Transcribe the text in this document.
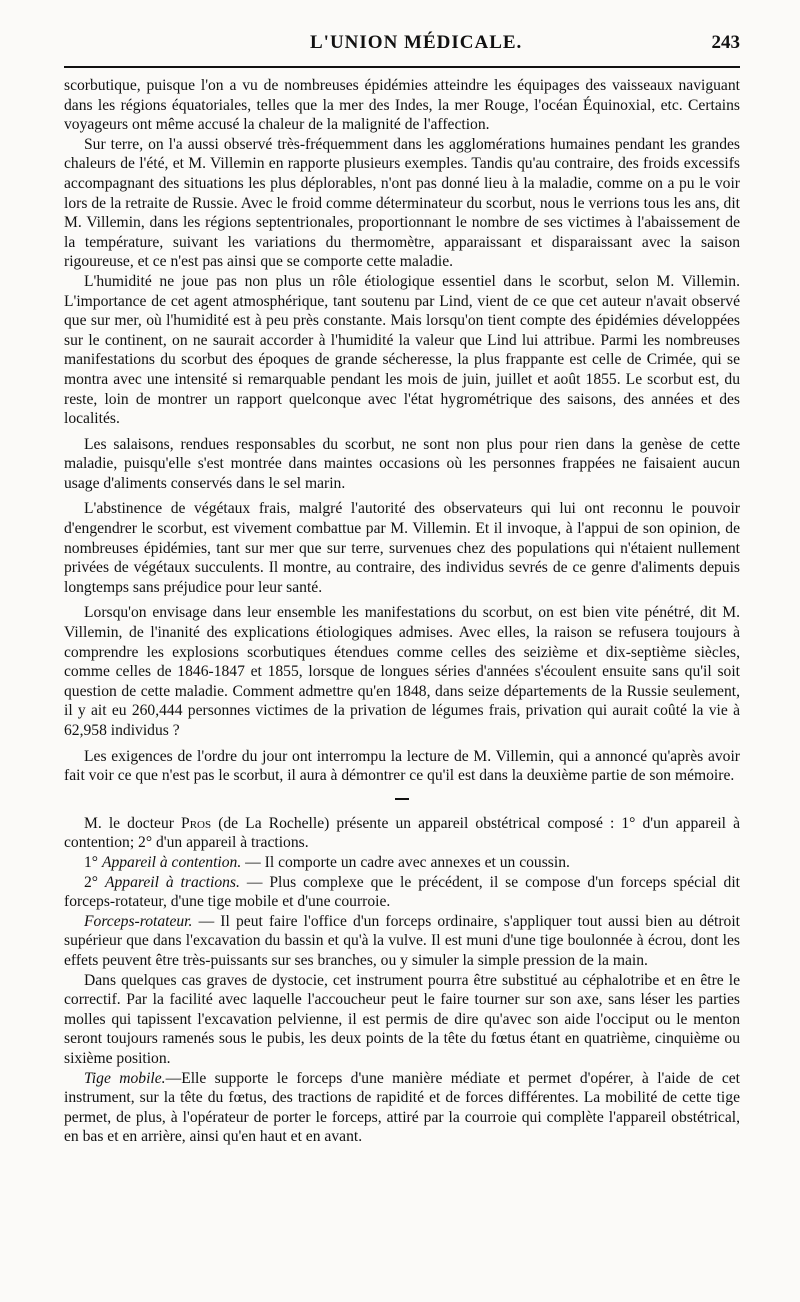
L'UNION MÉDICALE.	243

scorbutique, puisque l'on a vu de nombreuses épidémies atteindre les équipages des vaisseaux naviguant dans les régions équatoriales, telles que la mer des Indes, la mer Rouge, l'océan Équinoxial, etc. Certains voyageurs ont même accusé la chaleur de la malignité de l'affection.

Sur terre, on l'a aussi observé très-fréquemment dans les agglomérations humaines pendant les grandes chaleurs de l'été, et M. Villemin en rapporte plusieurs exemples. Tandis qu'au contraire, des froids excessifs accompagnant des situations les plus déplorables, n'ont pas donné lieu à la maladie, comme on a pu le voir lors de la retraite de Russie. Avec le froid comme déterminateur du scorbut, nous le verrions tous les ans, dit M. Villemin, dans les régions septentrionales, proportionnant le nombre de ses victimes à l'abaissement de la température, suivant les variations du thermomètre, apparaissant et disparaissant avec la saison rigoureuse, et ce n'est pas ainsi que se comporte cette maladie.

L'humidité ne joue pas non plus un rôle étiologique essentiel dans le scorbut, selon M. Villemin. L'importance de cet agent atmosphérique, tant soutenu par Lind, vient de ce que cet auteur n'avait observé que sur mer, où l'humidité est à peu près constante. Mais lorsqu'on tient compte des épidémies développées sur le continent, on ne saurait accorder à l'humidité la valeur que Lind lui attribue. Parmi les nombreuses manifestations du scorbut des époques de grande sécheresse, la plus frappante est celle de Crimée, qui se montra avec une intensité si remarquable pendant les mois de juin, juillet et août 1855. Le scorbut est, du reste, loin de montrer un rapport quelconque avec l'état hygrométrique des saisons, des années et des localités.

Les salaisons, rendues responsables du scorbut, ne sont non plus pour rien dans la genèse de cette maladie, puisqu'elle s'est montrée dans maintes occasions où les personnes frappées ne faisaient aucun usage d'aliments conservés dans le sel marin.

L'abstinence de végétaux frais, malgré l'autorité des observateurs qui lui ont reconnu le pouvoir d'engendrer le scorbut, est vivement combattue par M. Villemin. Et il invoque, à l'appui de son opinion, de nombreuses épidémies, tant sur mer que sur terre, survenues chez des populations qui n'étaient nullement privées de végétaux succulents. Il montre, au contraire, des individus sevrés de ce genre d'aliments depuis longtemps sans préjudice pour leur santé.

Lorsqu'on envisage dans leur ensemble les manifestations du scorbut, on est bien vite pénétré, dit M. Villemin, de l'inanité des explications étiologiques admises. Avec elles, la raison se refusera toujours à comprendre les explosions scorbutiques étendues comme celles des seizième et dix-septième siècles, comme celles de 1846-1847 et 1855, lorsque de longues séries d'années s'écoulent ensuite sans qu'il soit question de cette maladie. Comment admettre qu'en 1848, dans seize départements de la Russie seulement, il y ait eu 260,444 personnes victimes de la privation de légumes frais, privation qui aurait coûté la vie à 62,958 individus ?

Les exigences de l'ordre du jour ont interrompu la lecture de M. Villemin, qui a annoncé qu'après avoir fait voir ce que n'est pas le scorbut, il aura à démontrer ce qu'il est dans la deuxième partie de son mémoire.

M. le docteur Pros (de La Rochelle) présente un appareil obstétrical composé : 1° d'un appareil à contention; 2° d'un appareil à tractions.

1° Appareil à contention. — Il comporte un cadre avec annexes et un coussin.

2° Appareil à tractions. — Plus complexe que le précédent, il se compose d'un forceps spécial dit forceps-rotateur, d'une tige mobile et d'une courroie.

Forceps-rotateur. — Il peut faire l'office d'un forceps ordinaire, s'appliquer tout aussi bien au détroit supérieur que dans l'excavation du bassin et qu'à la vulve. Il est muni d'une tige boulonnée à écrou, dont les effets peuvent être très-puissants sur ses branches, ou y simuler la simple pression de la main.

Dans quelques cas graves de dystocie, cet instrument pourra être substitué au céphalotribe et en être le correctif. Par la facilité avec laquelle l'accoucheur peut le faire tourner sur son axe, sans léser les parties molles qui tapissent l'excavation pelvienne, il est permis de dire qu'avec son aide l'occiput ou le menton seront toujours ramenés sous le pubis, les deux points de la tête du fœtus étant en quatrième, cinquième ou sixième position.

Tige mobile.—Elle supporte le forceps d'une manière médiate et permet d'opérer, à l'aide de cet instrument, sur la tête du fœtus, des tractions de rapidité et de forces différentes. La mobilité de cette tige permet, de plus, à l'opérateur de porter le forceps, attiré par la courroie qui complète l'appareil obstétrical, en bas et en arrière, ainsi qu'en haut et en avant.
